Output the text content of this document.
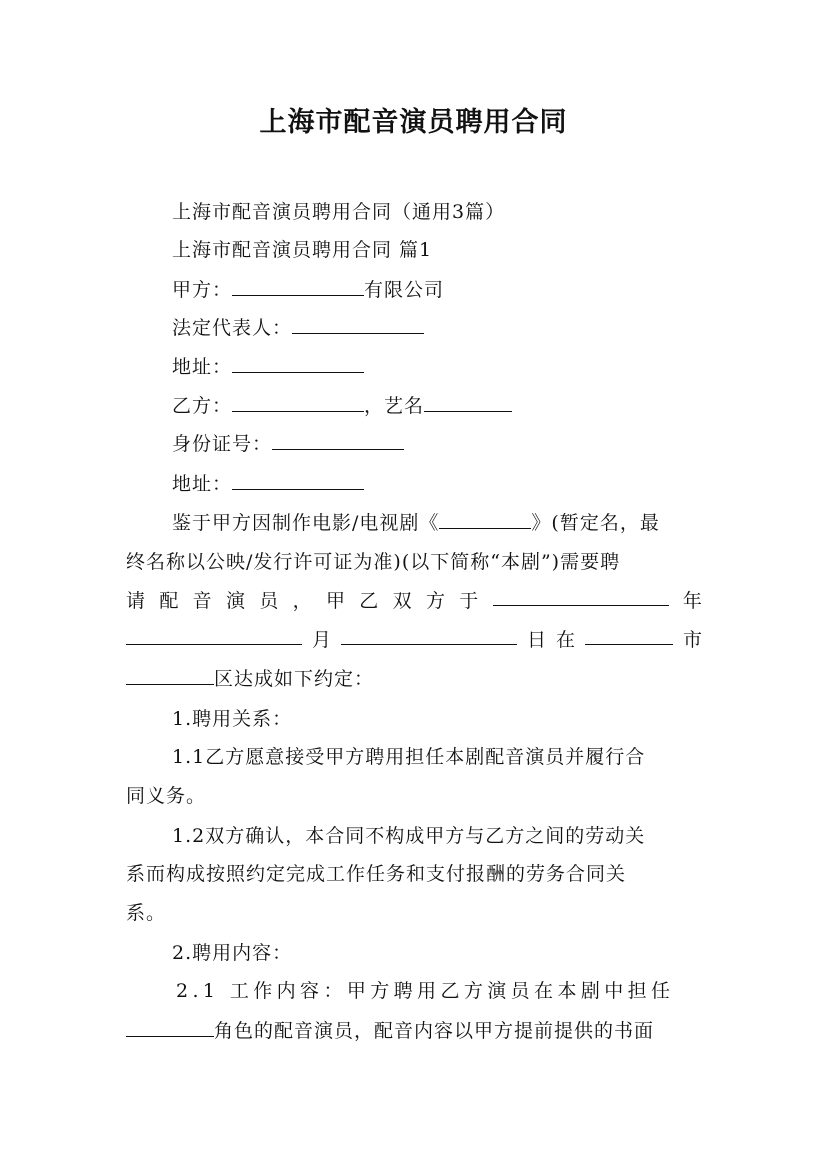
上海市配音演员聘用合同
上海市配音演员聘用合同（通用3篇）
上海市配音演员聘用合同 篇1
甲方：	有限公司
法定代表人：
地址：
乙方：	，艺名
身份证号：
地址：
鉴于甲方因制作电影/电视剧《	》(暂定名，最
终名称以公映/发行许可证为准)(以下简称“本剧”)需要聘
请 配 音 演 员 ， 甲 乙 双 方 于	年
月	日 在	市
区达成如下约定：
1.聘用关系：
1.1乙方愿意接受甲方聘用担任本剧配音演员并履行合
同义务。
1.2双方确认，本合同不构成甲方与乙方之间的劳动关
系而构成按照约定完成工作任务和支付报酬的劳务合同关
系。
2.聘用内容：
2.1 工作内容：甲方聘用乙方演员在本剧中担任
角色的配音演员，配音内容以甲方提前提供的书面
